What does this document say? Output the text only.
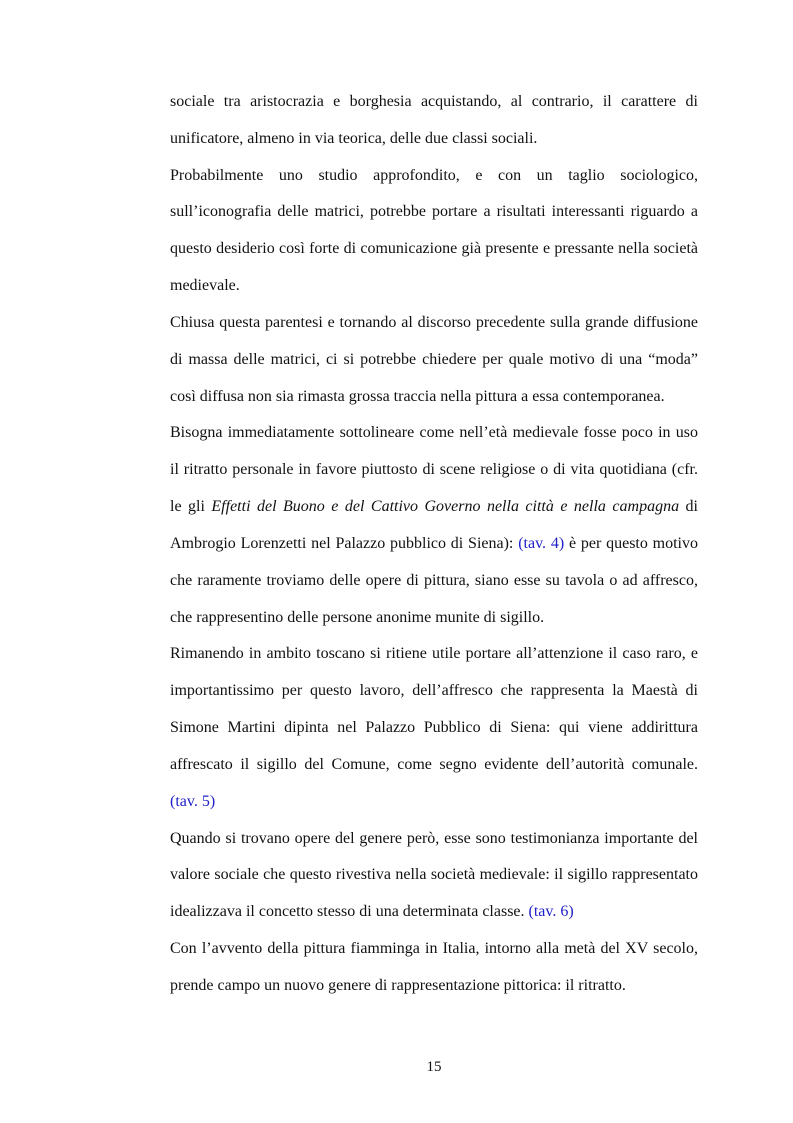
sociale tra aristocrazia e borghesia acquistando, al contrario, il carattere di
unificatore, almeno in via teorica, delle due classi sociali.
Probabilmente uno studio approfondito, e con un taglio sociologico,
sull’iconografia delle matrici, potrebbe portare a risultati interessanti riguardo a
questo desiderio così forte di comunicazione già presente e pressante nella società
medievale.
Chiusa questa parentesi e tornando al discorso precedente sulla grande diffusione
di massa delle matrici, ci si potrebbe chiedere per quale motivo di una “moda”
così diffusa non sia rimasta grossa traccia nella pittura a essa contemporanea.
Bisogna immediatamente sottolineare come nell’età medievale fosse poco in uso
il ritratto personale in favore piuttosto di scene religiose o di vita quotidiana (cfr.
le gli Effetti del Buono e del Cattivo Governo nella città e nella campagna di
Ambrogio Lorenzetti nel Palazzo pubblico di Siena): (tav. 4) è per questo motivo
che raramente troviamo delle opere di pittura, siano esse su tavola o ad affresco,
che rappresentino delle persone anonime munite di sigillo.
Rimanendo in ambito toscano si ritiene utile portare all’attenzione il caso raro, e
importantissimo per questo lavoro, dell’affresco che rappresenta la Maestà di
Simone Martini dipinta nel Palazzo Pubblico di Siena: qui viene addirittura
affrescato il sigillo del Comune, come segno evidente dell’autorità comunale.
(tav. 5)
Quando si trovano opere del genere però, esse sono testimonianza importante del
valore sociale che questo rivestiva nella società medievale: il sigillo rappresentato
idealizzava il concetto stesso di una determinata classe. (tav. 6)
Con l’avvento della pittura fiamminga in Italia, intorno alla metà del XV secolo,
prende campo un nuovo genere di rappresentazione pittorica: il ritratto.
15
